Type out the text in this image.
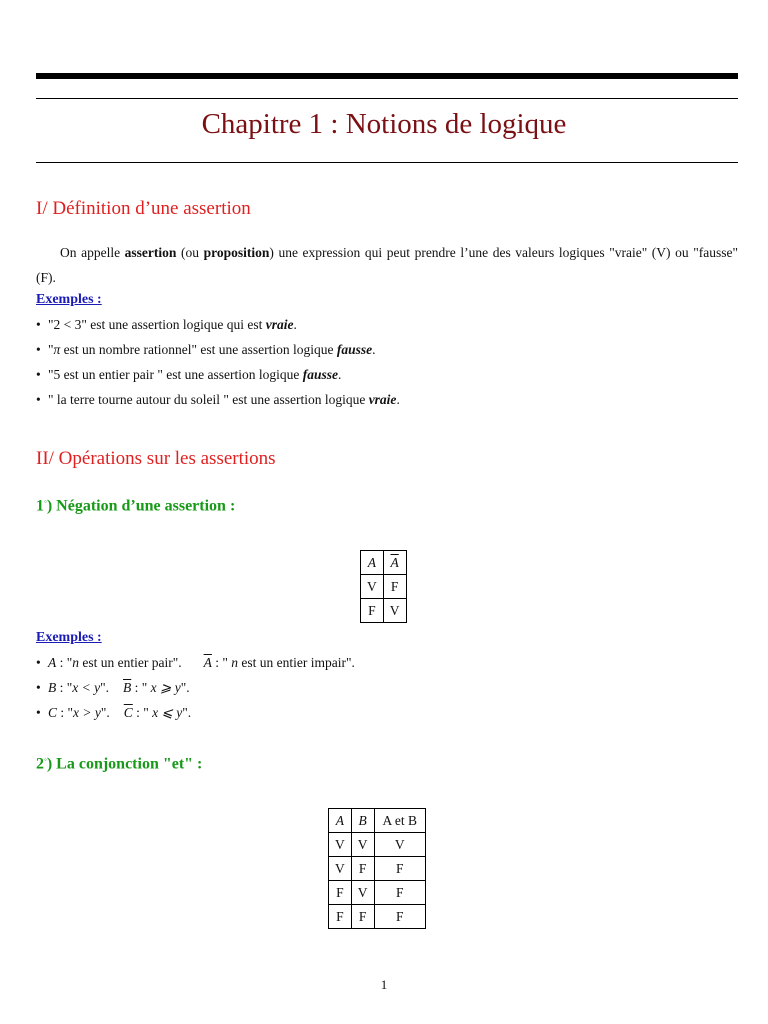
Chapitre 1 : Notions de logique
I/ Définition d’une assertion
On appelle assertion (ou proposition) une expression qui peut prendre l’une des valeurs logiques "vraie" (V) ou "fausse" (F).
Exemples :
• "2 < 3" est une assertion logique qui est vraie.
• "π est un nombre rationnel" est une assertion logique fausse.
• "5 est un entier pair " est une assertion logique fausse.
• " la terre tourne autour du soleil " est une assertion logique vraie.
II/ Opérations sur les assertions
1◦) Négation d’une assertion :
A	$\overline{A}$
V	F
F	V
Exemples :
• A : "n est un entier pair". $\overline{A}$ : " n est un entier impair".
• B : "x < y". $\overline{B}$ : " x ⩾ y".
• C : "x > y". $\overline{C}$ : " x ⩽ y".
2◦) La conjonction "et" :
A	B	A et B
V	V	V
V	F	F
F	V	F
F	F	F
1
